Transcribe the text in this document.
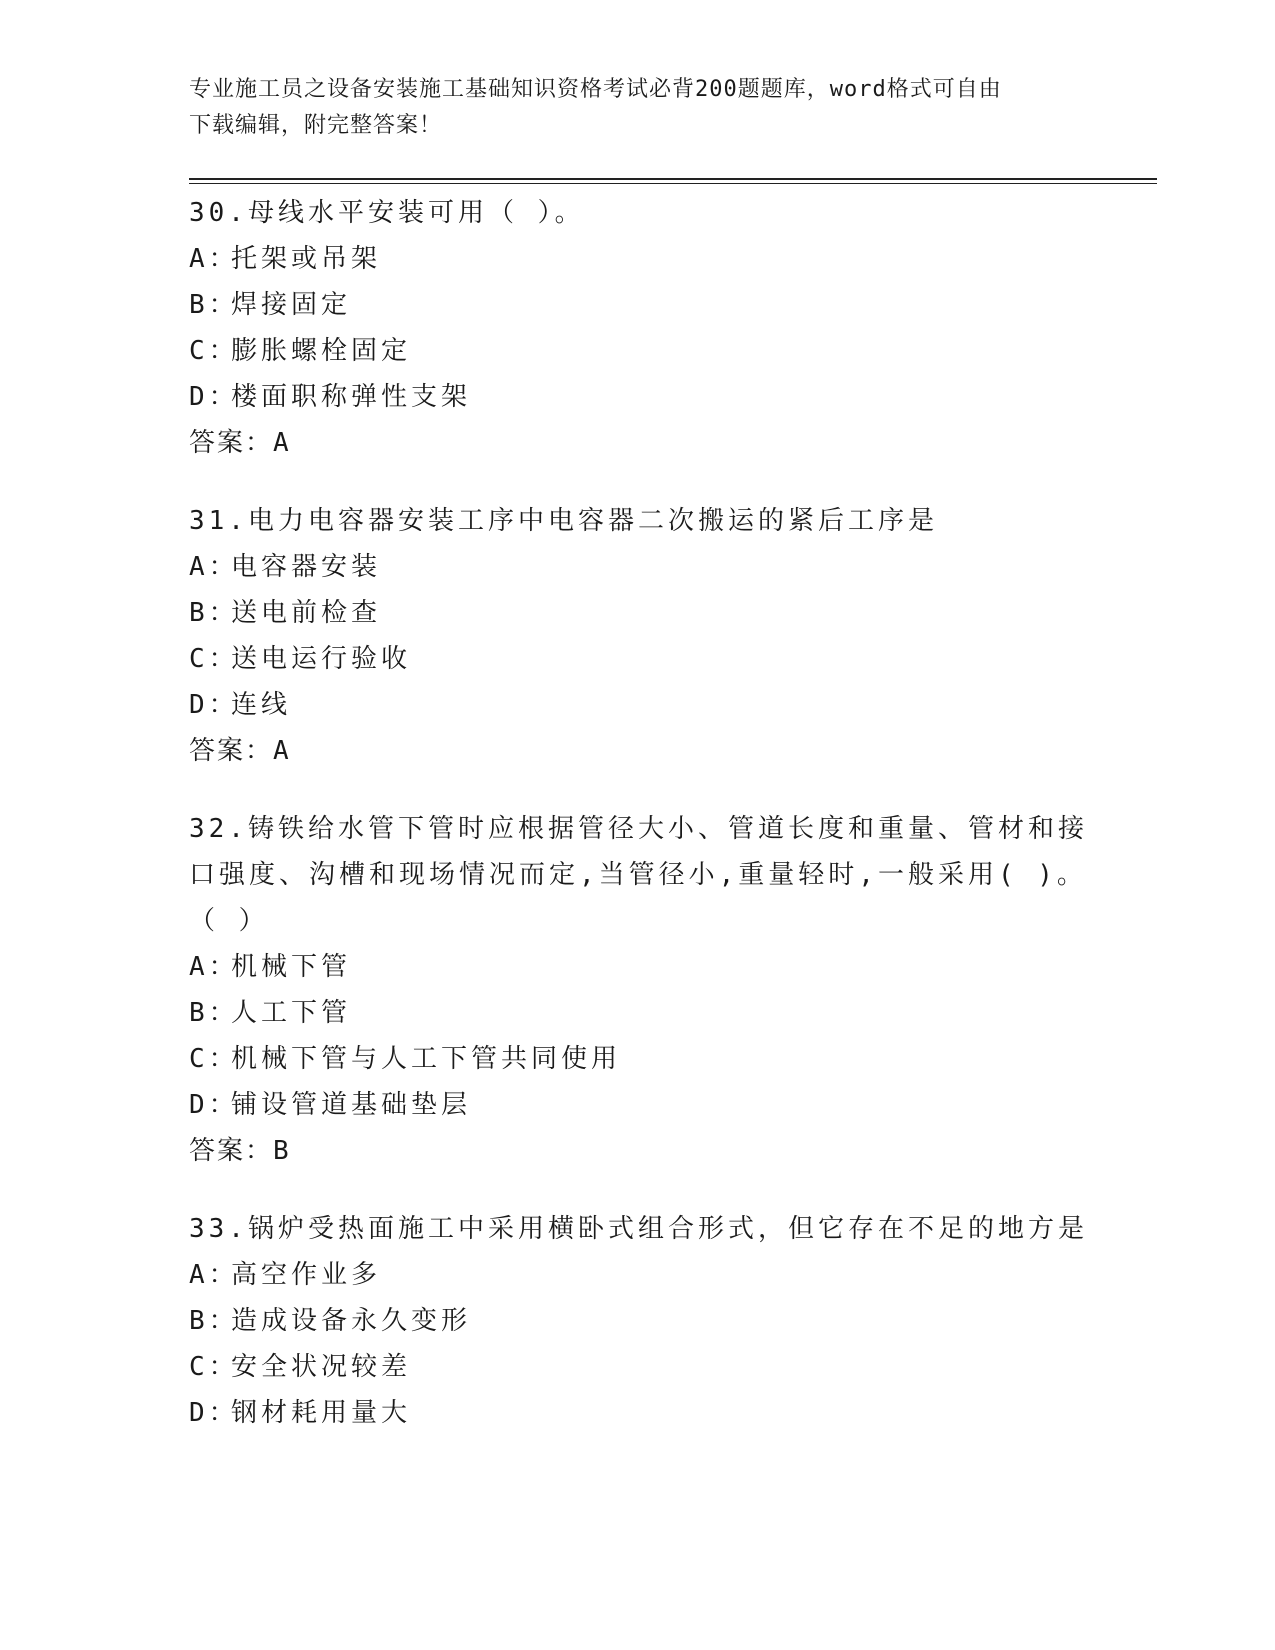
专业施工员之设备安装施工基础知识资格考试必背200题题库，word格式可自由
下载编辑，附完整答案！
30.母线水平安装可用（ ）。
A：托架或吊架
B：焊接固定
C：膨胀螺栓固定
D：楼面职称弹性支架
答案：A
31.电力电容器安装工序中电容器二次搬运的紧后工序是
A：电容器安装
B：送电前检查
C：送电运行验收
D：连线
答案：A
32.铸铁给水管下管时应根据管径大小、管道长度和重量、管材和接口强度、沟槽和现场情况而定,当管径小,重量轻时,一般采用( )。（ ）
A：机械下管
B：人工下管
C：机械下管与人工下管共同使用
D：铺设管道基础垫层
答案：B
33.锅炉受热面施工中采用横卧式组合形式，但它存在不足的地方是
A：高空作业多
B：造成设备永久变形
C：安全状况较差
D：钢材耗用量大
